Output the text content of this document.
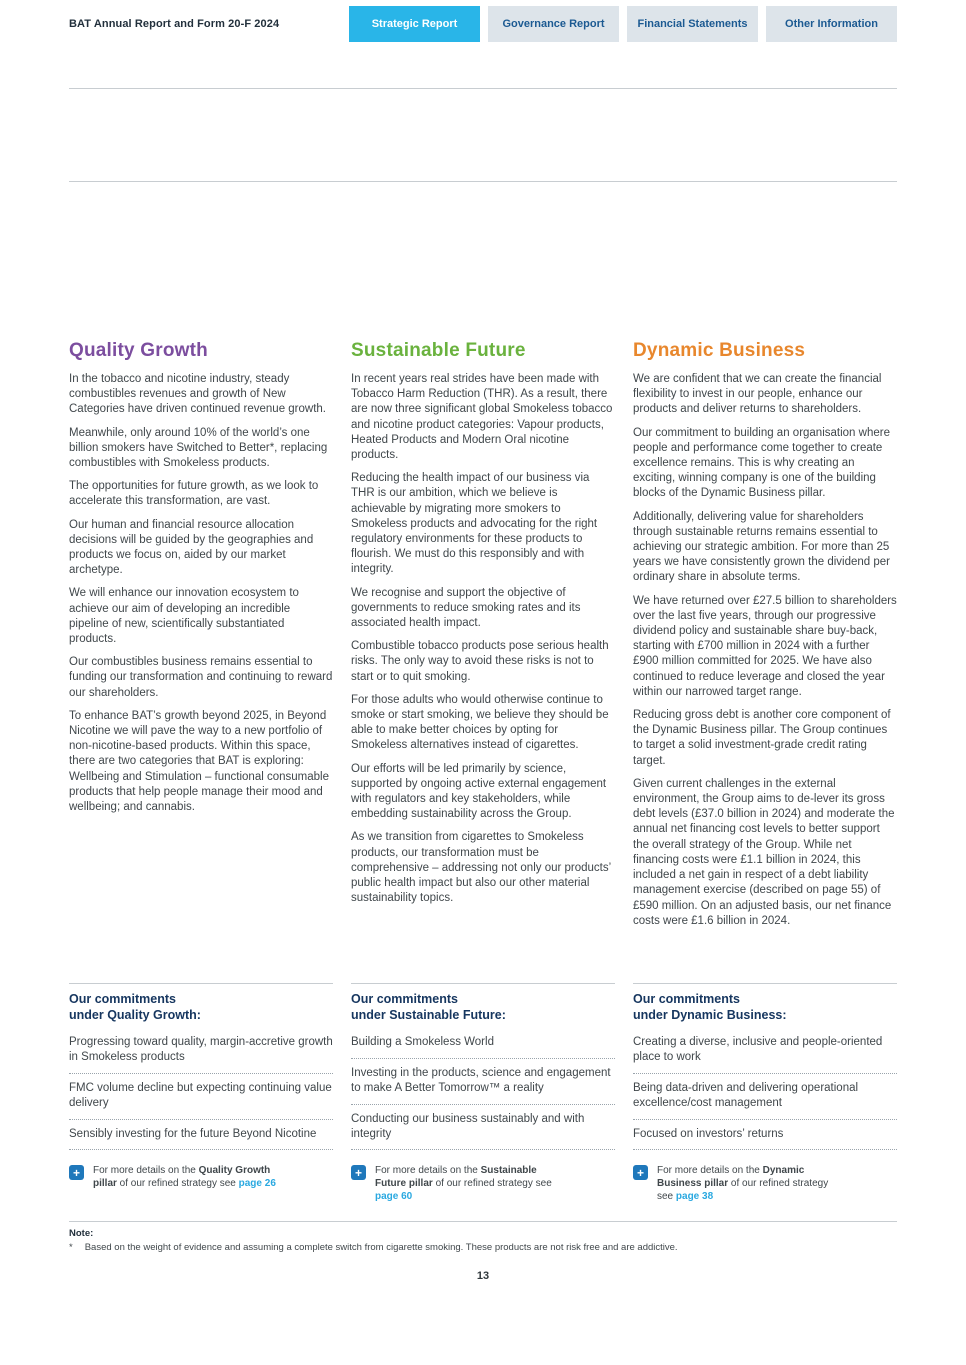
BAT Annual Report and Form 20-F 2024	Strategic Report	Governance Report	Financial Statements	Other Information
Quality Growth

In the tobacco and nicotine industry, steady combustibles revenues and growth of New Categories have driven continued revenue growth.

Meanwhile, only around 10% of the world’s one billion smokers have Switched to Better*, replacing combustibles with Smokeless products.

The opportunities for future growth, as we look to accelerate this transformation, are vast.

Our human and financial resource allocation decisions will be guided by the geographies and products we focus on, aided by our market archetype.

We will enhance our innovation ecosystem to achieve our aim of developing an incredible pipeline of new, scientifically substantiated products.

Our combustibles business remains essential to funding our transformation and continuing to reward our shareholders.

To enhance BAT’s growth beyond 2025, in Beyond Nicotine we will pave the way to a new portfolio of non-nicotine-based products. Within this space, there are two categories that BAT is exploring: Wellbeing and Stimulation – functional consumable products that help people manage their mood and wellbeing; and cannabis.

Sustainable Future

In recent years real strides have been made with Tobacco Harm Reduction (THR). As a result, there are now three significant global Smokeless tobacco and nicotine product categories: Vapour products, Heated Products and Modern Oral nicotine products.

Reducing the health impact of our business via THR is our ambition, which we believe is achievable by migrating more smokers to Smokeless products and advocating for the right regulatory environments for these products to flourish. We must do this responsibly and with integrity.

We recognise and support the objective of governments to reduce smoking rates and its associated health impact.

Combustible tobacco products pose serious health risks. The only way to avoid these risks is not to start or to quit smoking.

For those adults who would otherwise continue to smoke or start smoking, we believe they should be able to make better choices by opting for Smokeless alternatives instead of cigarettes.

Our efforts will be led primarily by science, supported by ongoing active external engagement with regulators and key stakeholders, while embedding sustainability across the Group.

As we transition from cigarettes to Smokeless products, our transformation must be comprehensive – addressing not only our products’ public health impact but also our other material sustainability topics.

Dynamic Business

We are confident that we can create the financial flexibility to invest in our people, enhance our products and deliver returns to shareholders.

Our commitment to building an organisation where people and performance come together to create excellence remains. This is why creating an exciting, winning company is one of the building blocks of the Dynamic Business pillar.

Additionally, delivering value for shareholders through sustainable returns remains essential to achieving our strategic ambition. For more than 25 years we have consistently grown the dividend per ordinary share in absolute terms.

We have returned over £27.5 billion to shareholders over the last five years, through our progressive dividend policy and sustainable share buy-back, starting with £700 million in 2024 with a further £900 million committed for 2025. We have also continued to reduce leverage and closed the year within our narrowed target range.

Reducing gross debt is another core component of the Dynamic Business pillar. The Group continues to target a solid investment-grade credit rating target.

Given current challenges in the external environment, the Group aims to de-lever its gross debt levels (£37.0 billion in 2024) and moderate the annual net financing cost levels to better support the overall strategy of the Group. While net financing costs were £1.1 billion in 2024, this included a net gain in respect of a debt liability management exercise (described on page 55) of £590 million. On an adjusted basis, our net finance costs were £1.6 billion in 2024.

Our commitments
under Quality Growth:
Progressing toward quality, margin-accretive growth in Smokeless products
FMC volume decline but expecting continuing value delivery
Sensibly investing for the future Beyond Nicotine
+

For more details on the Quality Growth pillar of our refined strategy see page 26

Our commitments
under Sustainable Future:
Building a Smokeless World
Investing in the products, science and engagement to make A Better Tomorrow™ a reality
Conducting our business sustainably and with integrity
+

For more details on the Sustainable Future pillar of our refined strategy see page 60

Our commitments
under Dynamic Business:
Creating a diverse, inclusive and people-oriented place to work
Being data-driven and delivering operational excellence/cost management
Focused on investors’ returns
+

For more details on the Dynamic Business pillar of our refined strategy see page 38

Note:
* Based on the weight of evidence and assuming a complete switch from cigarette smoking. These products are not risk free and are addictive.
13
